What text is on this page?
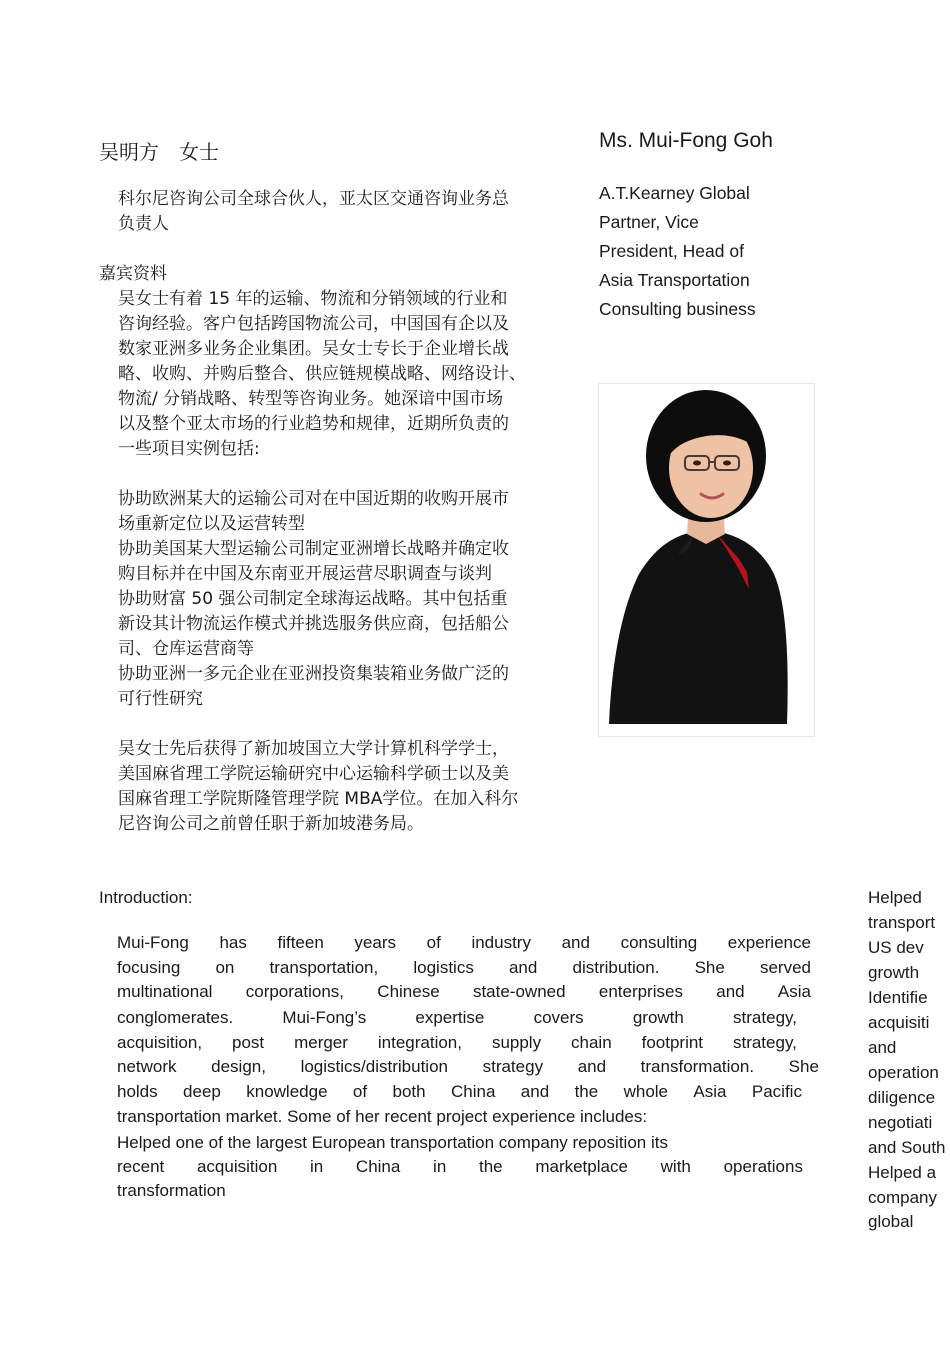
吴明方　女士
科尔尼咨询公司全球合伙人，亚太区交通咨询业务总
负责人
嘉宾资料
吴女士有着 15 年的运输、物流和分销领域的行业和
咨询经验。客户包括跨国物流公司，中国国有企以及
数家亚洲多业务企业集团。吴女士专长于企业增长战
略、收购、并购后整合、供应链规模战略、网络设计、
物流/ 分销战略、转型等咨询业务。她深谙中国市场
以及整个亚太市场的行业趋势和规律，近期所负责的
一些项目实例包括:
协助欧洲某大的运输公司对在中国近期的收购开展市
场重新定位以及运营转型
协助美国某大型运输公司制定亚洲增长战略并确定收
购目标并在中国及东南亚开展运营尽职调查与谈判
协助财富 50 强公司制定全球海运战略。其中包括重
新设其计物流运作模式并挑选服务供应商，包括船公
司、仓库运营商等
协助亚洲一多元企业在亚洲投资集装箱业务做广泛的
可行性研究
吴女士先后获得了新加坡国立大学计算机科学学士，
美国麻省理工学院运输研究中心运输科学硕士以及美
国麻省理工学院斯隆管理学院 MBA学位。在加入科尔
尼咨询公司之前曾任职于新加坡港务局。
Ms. Mui-Fong Goh
A.T.Kearney Global
Partner, Vice
President, Head of
Asia Transportation
Consulting business
Introduction:
Mui-Fong has fifteen years of industry and consulting experience
focusing on transportation, logistics and distribution. She served
multinational corporations, Chinese state-owned enterprises and Asia
conglomerates.	Mui-Fong’s	expertise	covers	growth	strategy,
acquisition, post merger integration, supply chain footprint strategy,
network design, logistics/distribution strategy and transformation. She
holds deep knowledge of both China and the whole Asia Pacific
transportation market. Some of her recent project experience includes:
Helped one of the largest European transportation company reposition its
recent acquisition in China in the marketplace with operations
transformation
Helped
transport
US dev
growth
Identifie
acquisiti
and
operation
diligence
negotiati
and South
Helped a
company
global
